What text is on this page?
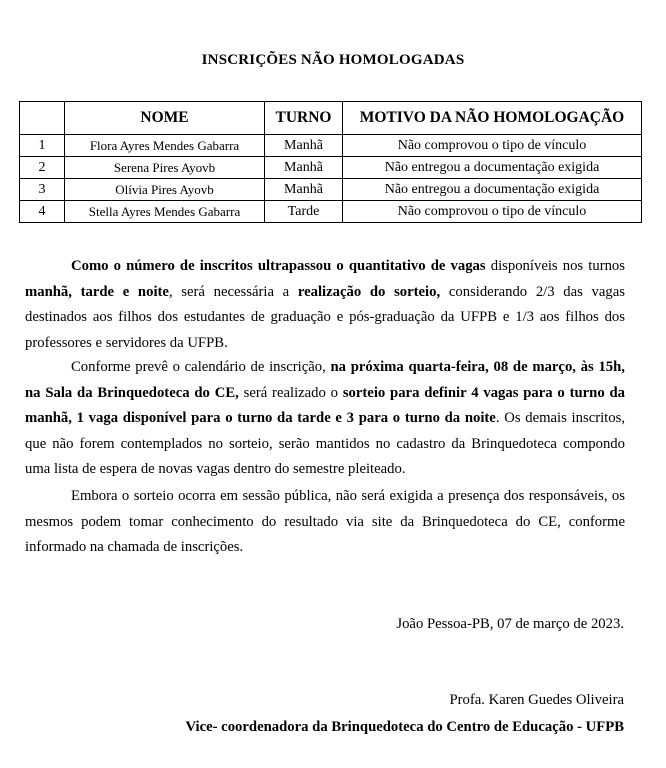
INSCRIÇÕES NÃO HOMOLOGADAS
	NOME	TURNO	MOTIVO DA NÃO HOMOLOGAÇÃO
1	Flora Ayres Mendes Gabarra	Manhã	Não comprovou o tipo de vínculo
2	Serena Pires Ayovb	Manhã	Não entregou a documentação exigida
3	Olívia Pires Ayovb	Manhã	Não entregou a documentação exigida
4	Stella Ayres Mendes Gabarra	Tarde	Não comprovou o tipo de vínculo

Como o número de inscritos ultrapassou o quantitativo de vagas disponíveis nos turnos manhã, tarde e noite, será necessária a realização do sorteio, considerando 2/3 das vagas destinados aos filhos dos estudantes de graduação e pós-graduação da UFPB e 1/3 aos filhos dos professores e servidores da UFPB.

Conforme prevê o calendário de inscrição, na próxima quarta-feira, 08 de março, às 15h, na Sala da Brinquedoteca do CE, será realizado o sorteio para definir 4 vagas para o turno da manhã, 1 vaga disponível para o turno da tarde e 3 para o turno da noite. Os demais inscritos, que não forem contemplados no sorteio, serão mantidos no cadastro da Brinquedoteca compondo uma lista de espera de novas vagas dentro do semestre pleiteado.

Embora o sorteio ocorra em sessão pública, não será exigida a presença dos responsáveis, os mesmos podem tomar conhecimento do resultado via site da Brinquedoteca do CE, conforme informado na chamada de inscrições.

João Pessoa-PB, 07 de março de 2023.
Profa. Karen Guedes Oliveira
Vice- coordenadora da Brinquedoteca do Centro de Educação - UFPB
